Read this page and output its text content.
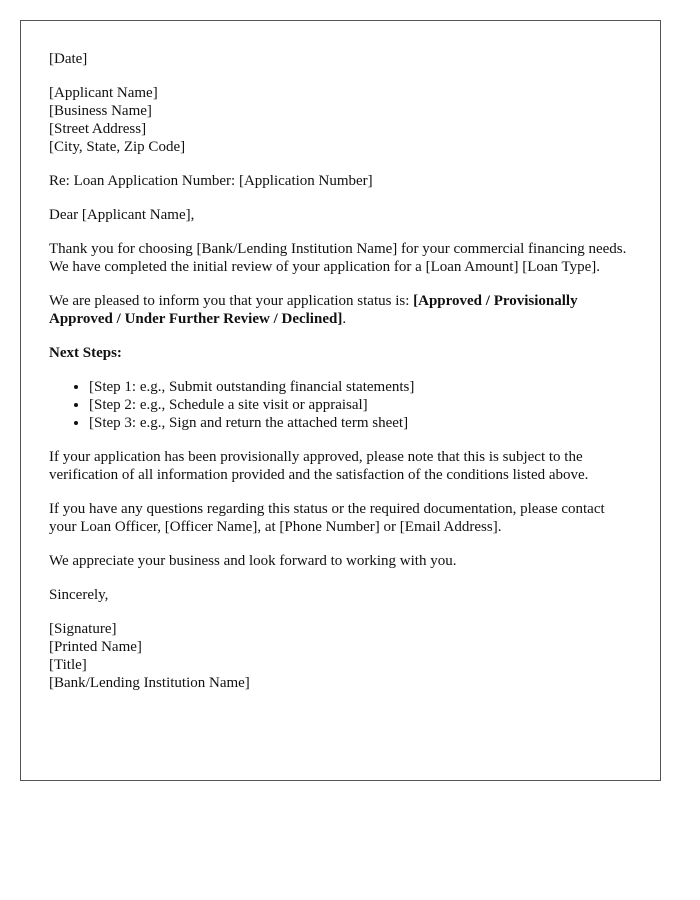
[Date]

[Applicant Name]
[Business Name]
[Street Address]
[City, State, Zip Code]

Re: Loan Application Number: [Application Number]

Dear [Applicant Name],

Thank you for choosing [Bank/Lending Institution Name] for your commercial financing needs. We have completed the initial review of your application for a [Loan Amount] [Loan Type].

We are pleased to inform you that your application status is: [Approved / Provisionally Approved / Under Further Review / Declined].

Next Steps:

• [Step 1: e.g., Submit outstanding financial statements]
• [Step 2: e.g., Schedule a site visit or appraisal]
• [Step 3: e.g., Sign and return the attached term sheet]

If your application has been provisionally approved, please note that this is subject to the verification of all information provided and the satisfaction of the conditions listed above.

If you have any questions regarding this status or the required documentation, please contact your Loan Officer, [Officer Name], at [Phone Number] or [Email Address].

We appreciate your business and look forward to working with you.

Sincerely,

[Signature]
[Printed Name]
[Title]
[Bank/Lending Institution Name]
